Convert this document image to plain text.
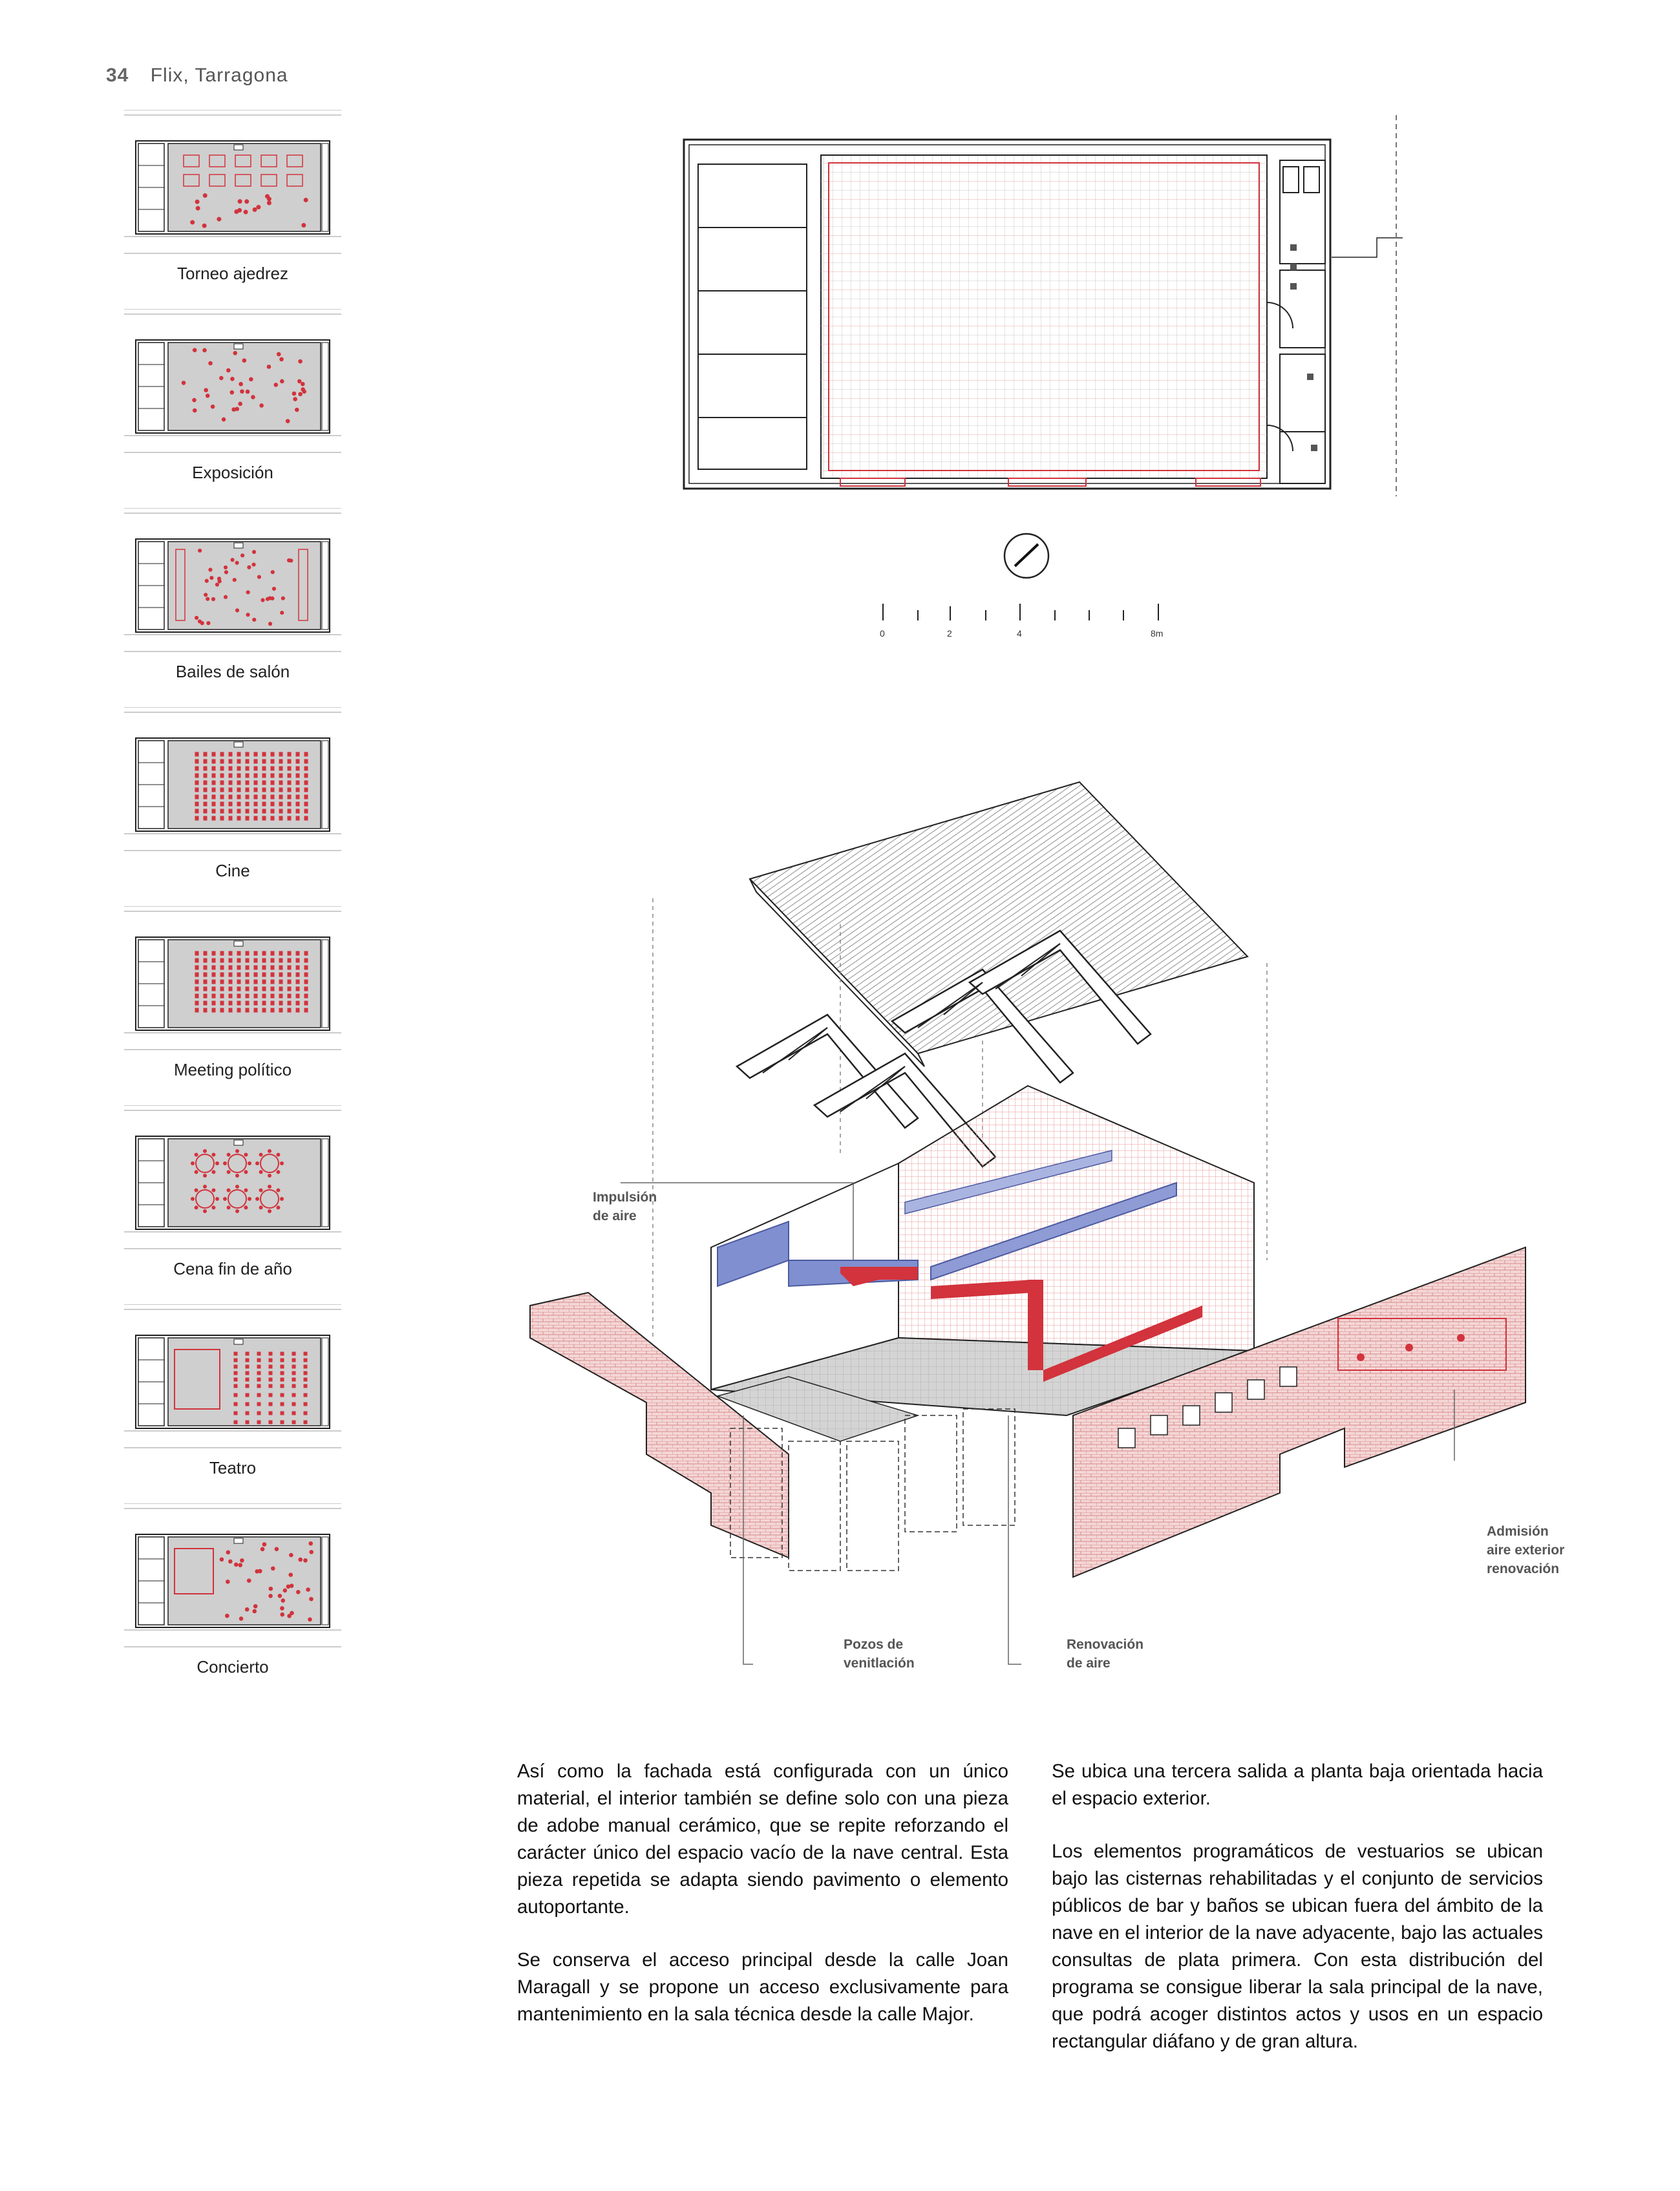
34 Flix, Tarragona
Torneo ajedrez
Exposición
Bailes de salón
Cine
Meeting político
Cena fin de año
Teatro
Concierto
0	2	4	8m
Impulsión
de aire
Pozos de
venitlación
Renovación
de aire
Admisión
aire exterior
renovación

Así como la fachada está configurada con un único material, el interior también se define solo con una pieza de adobe manual cerámico, que se repite reforzando el carácter único del espacio vacío de la nave central. Esta pieza repetida se adapta siendo pavimento o elemento autoportante.

Se conserva el acceso principal desde la calle Joan Maragall y se propone un acceso exclusivamente para mantenimiento en la sala técnica desde la calle Major.

Se ubica una tercera salida a planta baja orientada hacia el espacio exterior.

Los elementos programáticos de vestuarios se ubican bajo las cisternas rehabilitadas y el conjunto de servicios públicos de bar y baños se ubican fuera del ámbito de la nave en el interior de la nave adyacente, bajo las actuales consultas de plata primera. Con esta distribución del programa se consigue liberar la sala principal de la nave, que podrá acoger distintos actos y usos en un espacio rectangular diáfano y de gran altura.
